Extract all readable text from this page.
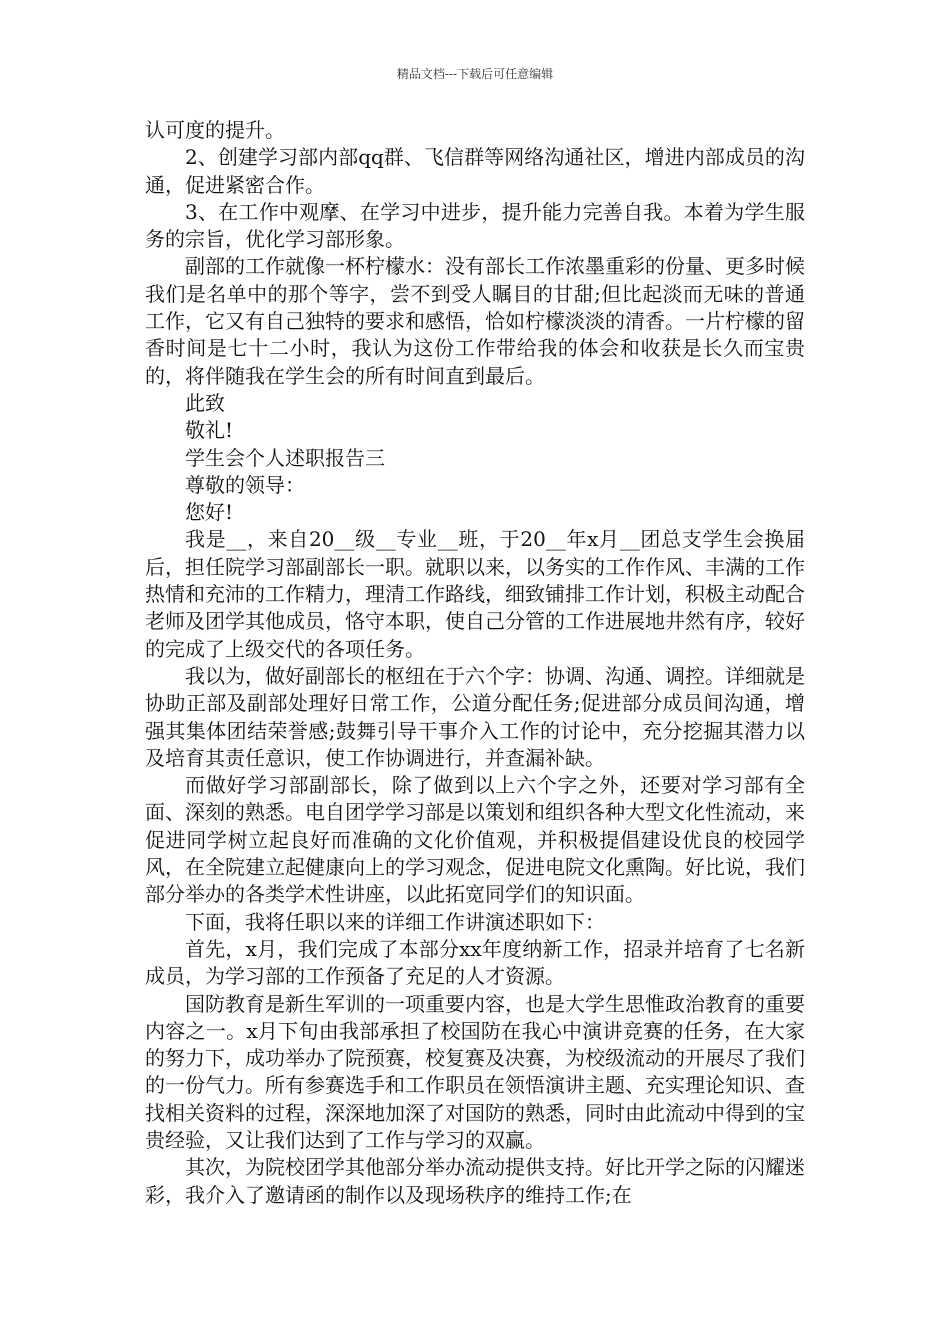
精品文档---下载后可任意编辑

认可度的提升。

2、创建学习部内部qq群、飞信群等网络沟通社区，增进内部成员的沟通，促进紧密合作。

3、在工作中观摩、在学习中进步，提升能力完善自我。本着为学生服务的宗旨，优化学习部形象。

副部的工作就像一杯柠檬水：没有部长工作浓墨重彩的份量、更多时候我们是名单中的那个等字，尝不到受人瞩目的甘甜;但比起淡而无味的普通工作，它又有自己独特的要求和感悟，恰如柠檬淡淡的清香。一片柠檬的留香时间是七十二小时，我认为这份工作带给我的体会和收获是长久而宝贵的，将伴随我在学生会的所有时间直到最后。

此致

敬礼!

学生会个人述职报告三

尊敬的领导：

您好!

我是__，来自20__级__专业__班，于20__年x月__团总支学生会换届后，担任院学习部副部长一职。就职以来，以务实的工作作风、丰满的工作热情和充沛的工作精力，理清工作路线，细致铺排工作计划，积极主动配合老师及团学其他成员，恪守本职，使自己分管的工作进展地井然有序，较好的完成了上级交代的各项任务。

我以为，做好副部长的枢纽在于六个字：协调、沟通、调控。详细就是协助正部及副部处理好日常工作，公道分配任务;促进部分成员间沟通，增强其集体团结荣誉感;鼓舞引导干事介入工作的讨论中，充分挖掘其潜力以及培育其责任意识，使工作协调进行，并查漏补缺。

而做好学习部副部长，除了做到以上六个字之外，还要对学习部有全面、深刻的熟悉。电自团学学习部是以策划和组织各种大型文化性流动，来促进同学树立起良好而准确的文化价值观，并积极提倡建设优良的校园学风，在全院建立起健康向上的学习观念，促进电院文化熏陶。好比说，我们部分举办的各类学术性讲座，以此拓宽同学们的知识面。

下面，我将任职以来的详细工作讲演述职如下：

首先，x月，我们完成了本部分xx年度纳新工作，招录并培育了七名新成员，为学习部的工作预备了充足的人才资源。

国防教育是新生军训的一项重要内容，也是大学生思惟政治教育的重要内容之一。x月下旬由我部承担了校国防在我心中演讲竞赛的任务，在大家的努力下，成功举办了院预赛，校复赛及决赛，为校级流动的开展尽了我们的一份气力。所有参赛选手和工作职员在领悟演讲主题、充实理论知识、查找相关资料的过程，深深地加深了对国防的熟悉，同时由此流动中得到的宝贵经验，又让我们达到了工作与学习的双赢。

其次，为院校团学其他部分举办流动提供支持。好比开学之际的闪耀迷彩，我介入了邀请函的制作以及现场秩序的维持工作;在
